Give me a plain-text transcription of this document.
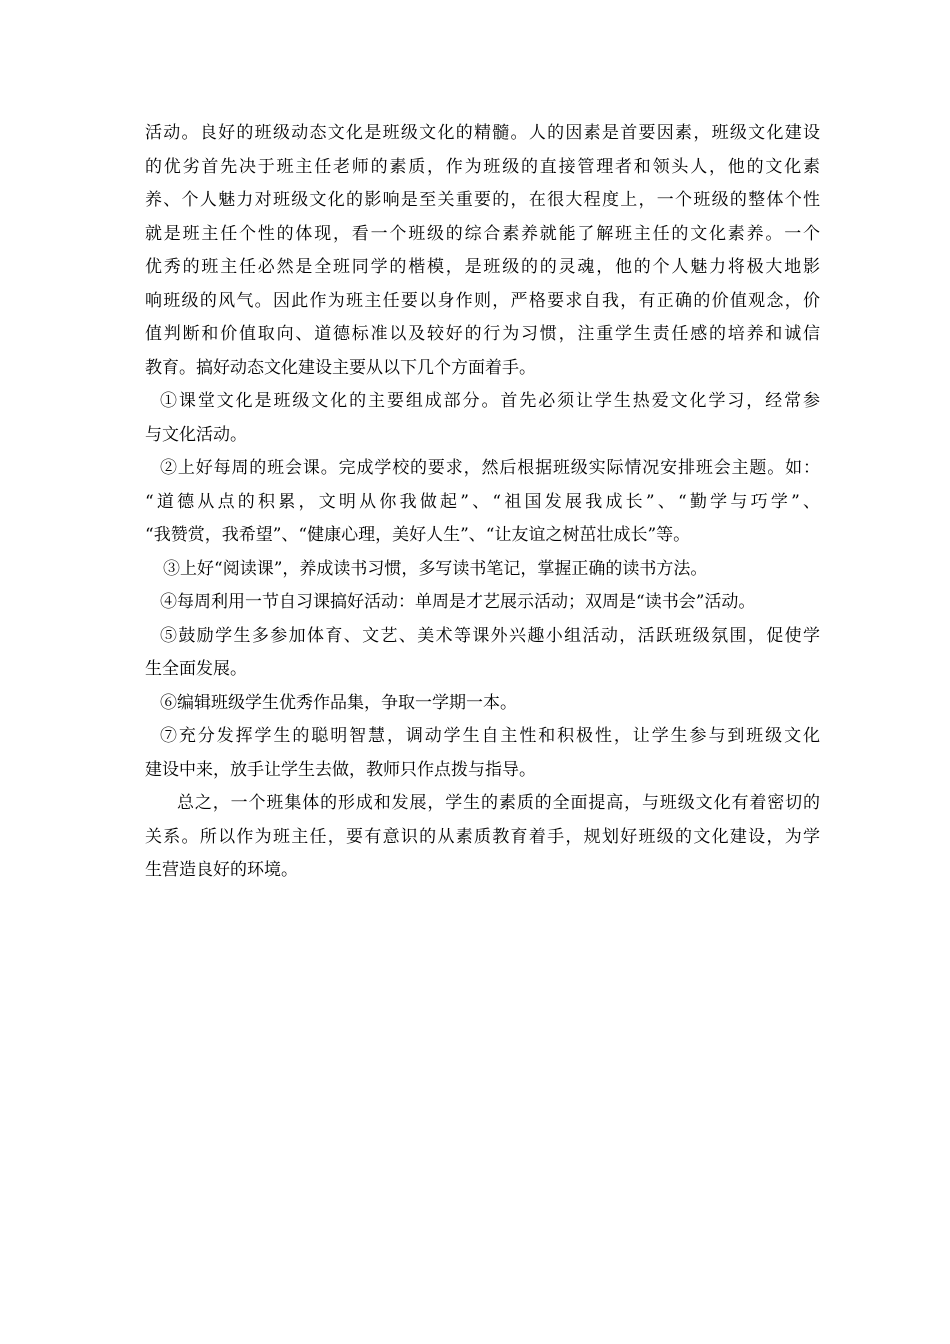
活动。良好的班级动态文化是班级文化的精髓。人的因素是首要因素，班级文化建设
的优劣首先决于班主任老师的素质，作为班级的直接管理者和领头人，他的文化素
养、个人魅力对班级文化的影响是至关重要的，在很大程度上，一个班级的整体个性
就是班主任个性的体现，看一个班级的综合素养就能了解班主任的文化素养。一个
优秀的班主任必然是全班同学的楷模，是班级的的灵魂，他的个人魅力将极大地影
响班级的风气。因此作为班主任要以身作则，严格要求自我，有正确的价值观念，价
值判断和价值取向、道德标准以及较好的行为习惯，注重学生责任感的培养和诚信
教育。搞好动态文化建设主要从以下几个方面着手。
①课堂文化是班级文化的主要组成部分。首先必须让学生热爱文化学习，经常参
与文化活动。
②上好每周的班会课。完成学校的要求，然后根据班级实际情况安排班会主题。如：
“道德从点的积累，文明从你我做起”、“祖国发展我成长”、“勤学与巧学”、
“我赞赏，我希望”、“健康心理，美好人生”、“让友谊之树茁壮成长”等。
③上好“阅读课”，养成读书习惯，多写读书笔记，掌握正确的读书方法。
④每周利用一节自习课搞好活动：单周是才艺展示活动；双周是“读书会”活动。
⑤鼓励学生多参加体育、文艺、美术等课外兴趣小组活动，活跃班级氛围，促使学
生全面发展。
⑥编辑班级学生优秀作品集，争取一学期一本。
⑦充分发挥学生的聪明智慧，调动学生自主性和积极性，让学生参与到班级文化
建设中来，放手让学生去做，教师只作点拨与指导。
总之，一个班集体的形成和发展，学生的素质的全面提高，与班级文化有着密切的
关系。所以作为班主任，要有意识的从素质教育着手，规划好班级的文化建设，为学
生营造良好的环境。
